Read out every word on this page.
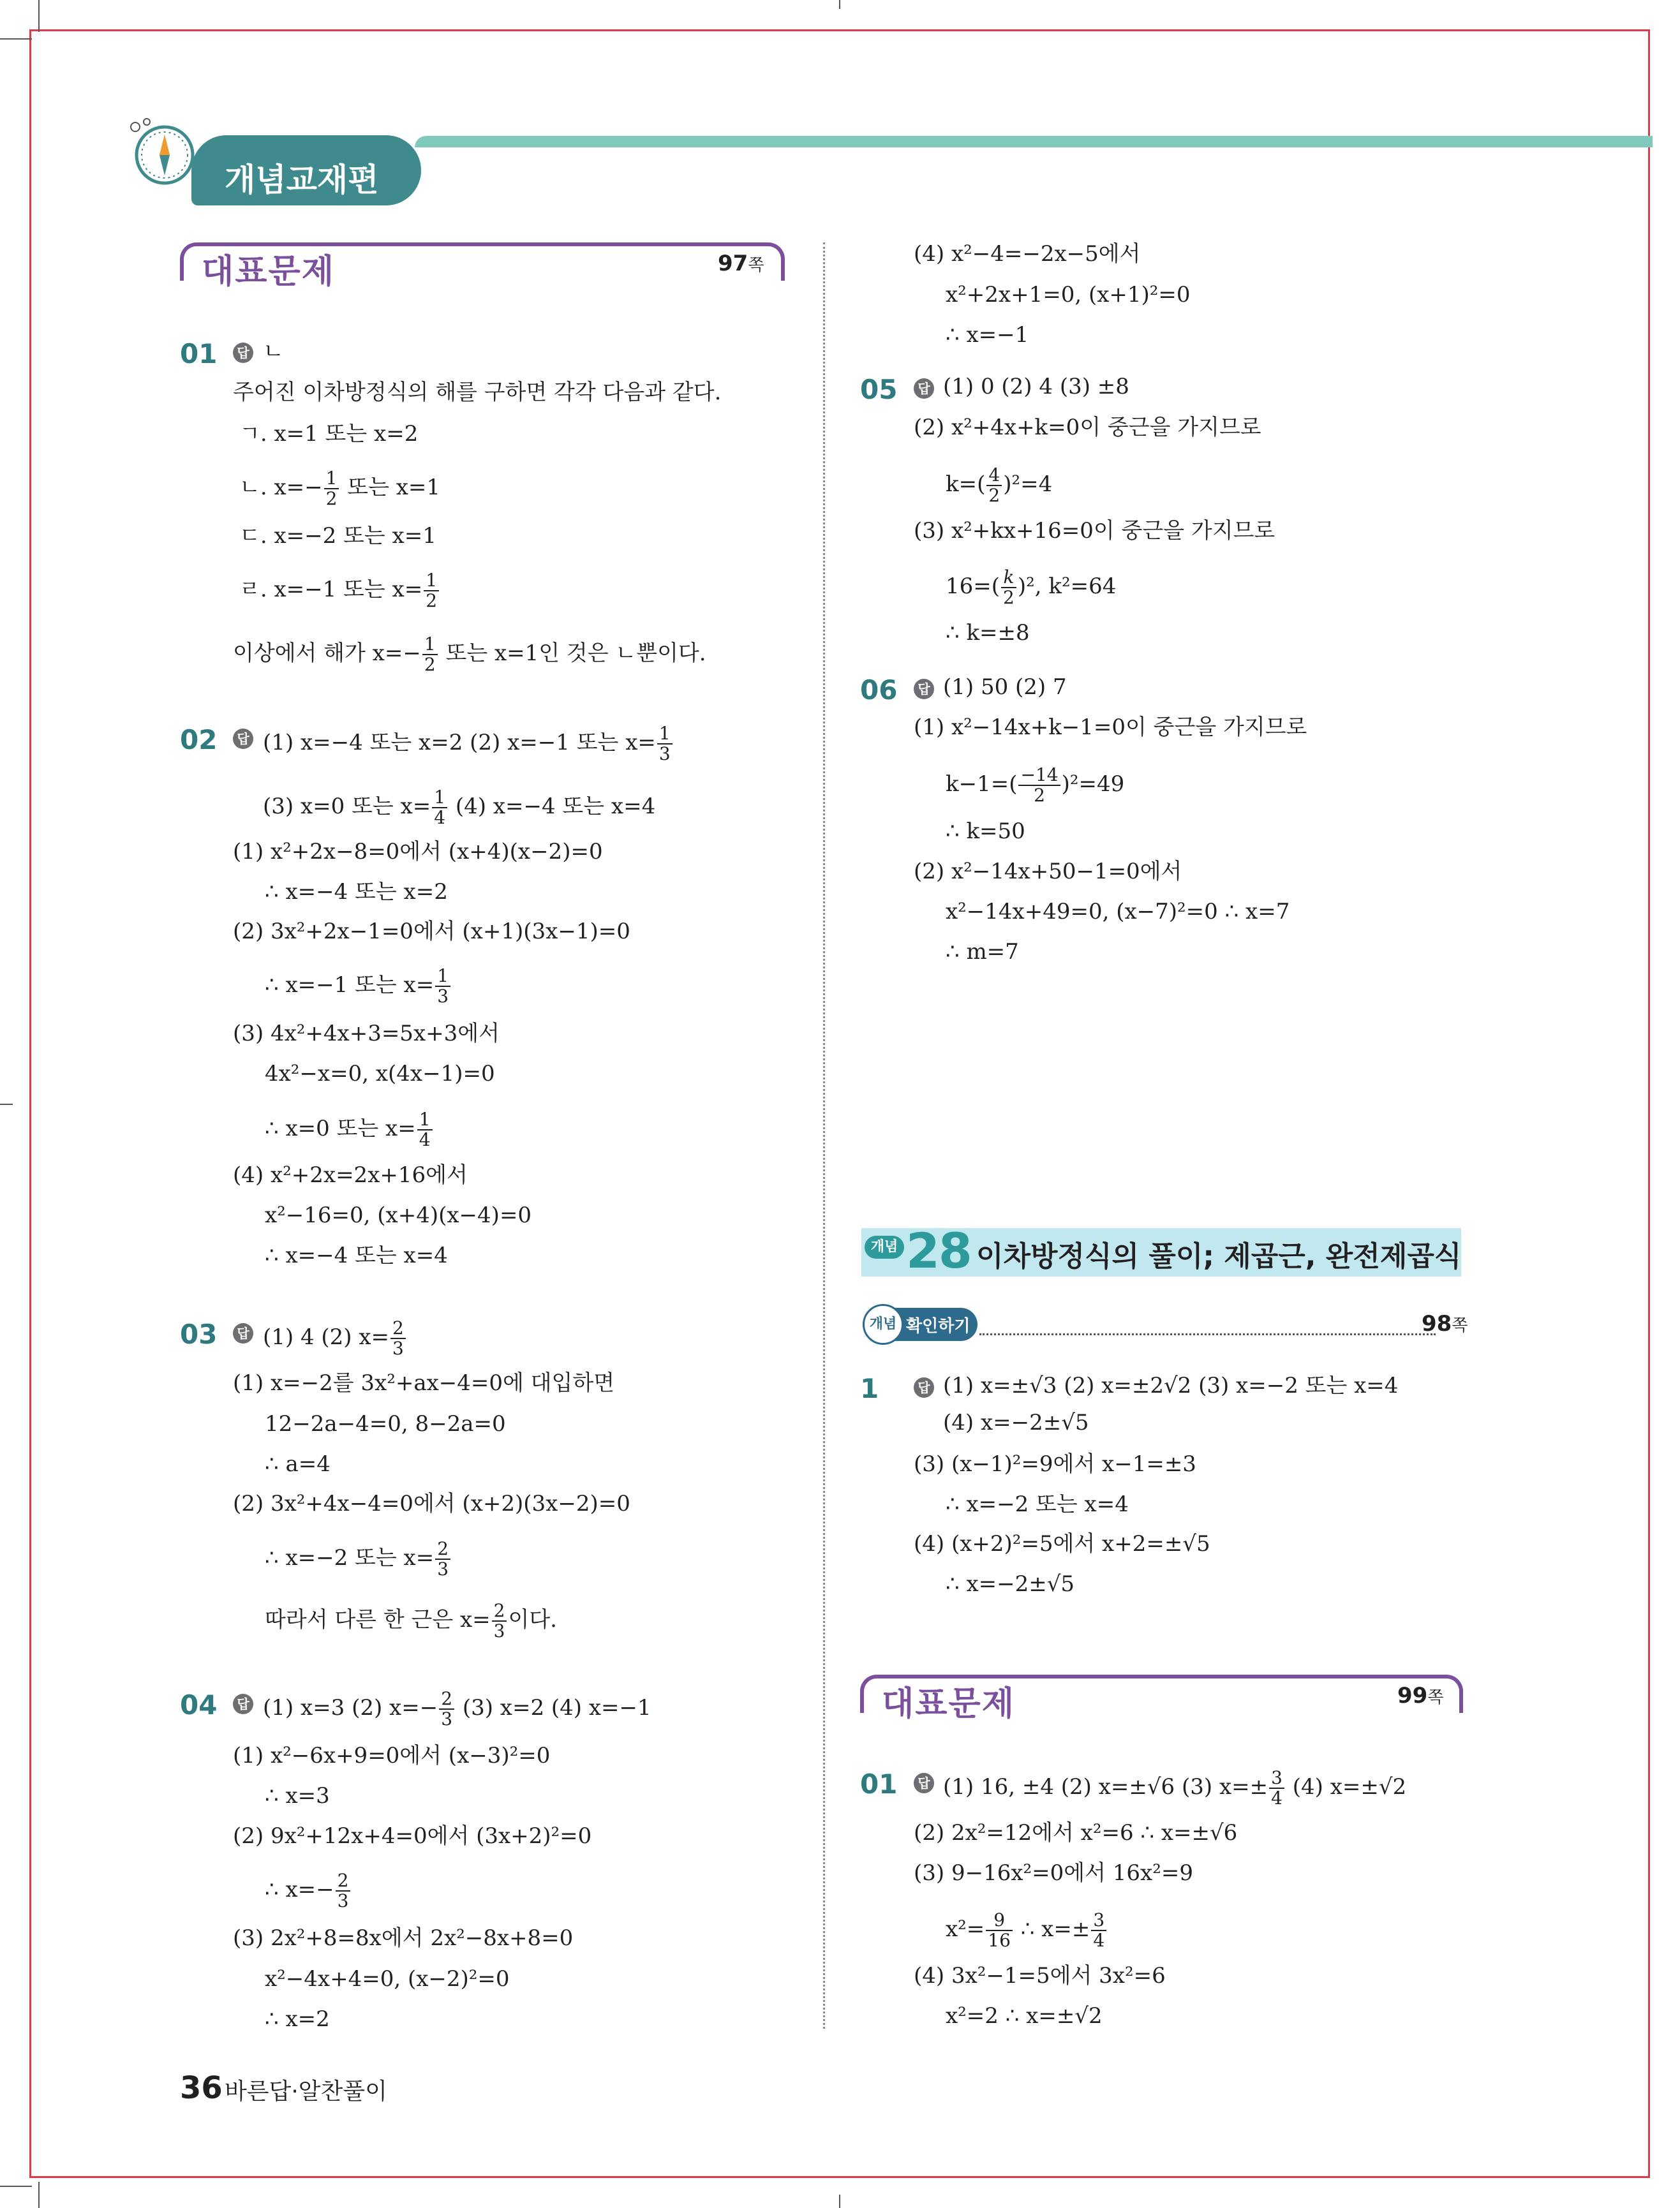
개념교재편
대표문제	97쪽
01	답 ㄴ
주어진 이차방정식의 해를 구하면 각각 다음과 같다.
ㄱ. x=1 또는 x=2
ㄴ. $x=- \frac{1}{2}$ 또는 x=1
ㄷ. x=−2 또는 x=1
ㄹ. x=−1 또는 $x= \frac{1}{2}$
이상에서 해가 $x=- \frac{1}{2}$ 또는 x=1인 것은 ㄴ뿐이다.
02	답 (1) x=−4 또는 x=2 (2) x=−1 또는 $x= \frac{1}{3}$
(3) x=0 또는 $x= \frac{1}{4} (4)$ x=−4 또는 x=4
(1) x²+2x−8=0에서 (x+4)(x−2)=0
∴ x=−4 또는 x=2
(2) 3x²+2x−1=0에서 (x+1)(3x−1)=0
∴ x=−1 또는 $x= \frac{1}{3}$
(3) 4x²+4x+3=5x+3에서
4x²−x=0, x(4x−1)=0
∴ x=0 또는 $x= \frac{1}{4}$
(4) x²+2x=2x+16에서
x²−16=0, (x+4)(x−4)=0
∴ x=−4 또는 x=4
03	답 (1) 4 (2) $x= \frac{2}{3}$
(1) x=−2를 3x²+ax−4=0에 대입하면
12−2a−4=0, 8−2a=0
∴ a=4
(2) 3x²+4x−4=0에서 (x+2)(3x−2)=0
∴ x=−2 또는 $x= \frac{2}{3}$
따라서 다른 한 근은 $x= \frac{2}{3}$ 이다.
04	답 (1) x=3 (2) $x=- \frac{2}{3} (3)$ x=2 (4) x=−1
(1) x²−6x+9=0에서 (x−3)²=0
∴ x=3
(2) 9x²+12x+4=0에서 (3x+2)²=0
∴ $x=- \frac{2}{3}$
(3) 2x²+8=8x에서 2x²−8x+8=0
x²−4x+4=0, (x−2)²=0
∴ x=2
(4) x²−4=−2x−5에서
x²+2x+1=0, (x+1)²=0
∴ x=−1
05	답 (1) 0 (2) 4 (3) ±8
(2) x²+4x+k=0이 중근을 가지므로
$k=( \frac{4}{2} )^2=4$
(3) x²+kx+16=0이 중근을 가지므로
$16=( \frac{k}{2} )^2$, k²=64
∴ k=±8
06	답 (1) 50 (2) 7
(1) x²−14x+k−1=0이 중근을 가지므로
$k-1=( \frac{-14}{2} )^2=49$
∴ k=50
(2) x²−14x+50−1=0에서
x²−14x+49=0, (x−7)²=0 ∴ x=7
∴ m=7
개념 28 이차방정식의 풀이; 제곱근, 완전제곱식
개념 확인하기	98쪽
1	답 (1) x=±√3 (2) x=±2√2 (3) x=−2 또는 x=4
(4) x=−2±√5
(3) (x−1)²=9에서 x−1=±3
∴ x=−2 또는 x=4
(4) (x+2)²=5에서 x+2=±√5
∴ x=−2±√5
대표문제	99쪽
01	답 (1) 16, ±4 (2) x=±√6 (3) $x=\pm \frac{3}{4} (4)$ x=±√2
(2) 2x²=12에서 x²=6 ∴ x=±√6
(3) 9−16x²=0에서 16x²=9
$x^2= \frac{9}{16}$ ∴ $x=\pm \frac{3}{4}$
(4) 3x²−1=5에서 3x²=6
x²=2 ∴ x=±√2
36 바른답·알찬풀이
